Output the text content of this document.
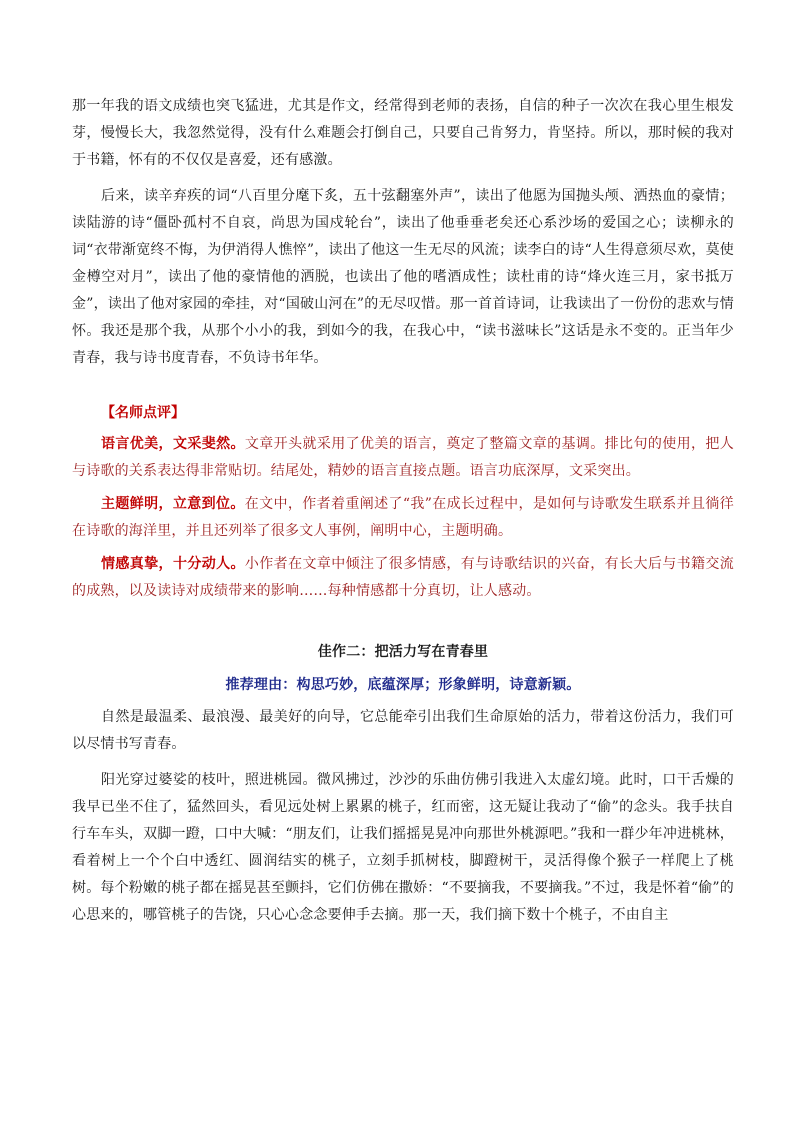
那一年我的语文成绩也突飞猛进，尤其是作文，经常得到老师的表扬，自信的种子一次次在我心里生根发芽，慢慢长大，我忽然觉得，没有什么难题会打倒自己，只要自己肯努力，肯坚持。所以，那时候的我对于书籍，怀有的不仅仅是喜爱，还有感激。

后来，读辛弃疾的词“八百里分麾下炙，五十弦翻塞外声”，读出了他愿为国抛头颅、洒热血的豪情；读陆游的诗“僵卧孤村不自哀，尚思为国戍轮台”，读出了他垂垂老矣还心系沙场的爱国之心；读柳永的词“衣带渐宽终不悔，为伊消得人憔悴”，读出了他这一生无尽的风流；读李白的诗“人生得意须尽欢，莫使金樽空对月”，读出了他的豪情他的洒脱，也读出了他的嗜酒成性；读杜甫的诗“烽火连三月，家书抵万金”，读出了他对家园的牵挂，对“国破山河在”的无尽叹惜。那一首首诗词，让我读出了一份份的悲欢与情怀。我还是那个我，从那个小小的我，到如今的我，在我心中，“读书滋味长”这话是永不变的。正当年少青春，我与诗书度青春，不负诗书年华。

【名师点评】

语言优美，文采斐然。文章开头就采用了优美的语言，奠定了整篇文章的基调。排比句的使用，把人与诗歌的关系表达得非常贴切。结尾处，精妙的语言直接点题。语言功底深厚，文采突出。

主题鲜明，立意到位。在文中，作者着重阐述了“我”在成长过程中，是如何与诗歌发生联系并且徜徉在诗歌的海洋里，并且还列举了很多文人事例，阐明中心，主题明确。

情感真挚，十分动人。小作者在文章中倾注了很多情感，有与诗歌结识的兴奋，有长大后与书籍交流的成熟，以及读诗对成绩带来的影响……每种情感都十分真切，让人感动。

佳作二：把活力写在青春里

推荐理由：构思巧妙，底蕴深厚；形象鲜明，诗意新颖。

自然是最温柔、最浪漫、最美好的向导，它总能牵引出我们生命原始的活力，带着这份活力，我们可以尽情书写青春。

阳光穿过婆娑的枝叶，照进桃园。微风拂过，沙沙的乐曲仿佛引我进入太虚幻境。此时，口干舌燥的我早已坐不住了，猛然回头，看见远处树上累累的桃子，红而密，这无疑让我动了“偷”的念头。我手扶自行车车头，双脚一蹬，口中大喊：“朋友们，让我们摇摇晃晃冲向那世外桃源吧。”我和一群少年冲进桃林，看着树上一个个白中透红、圆润结实的桃子，立刻手抓树枝，脚蹬树干，灵活得像个猴子一样爬上了桃树。每个粉嫩的桃子都在摇晃甚至颤抖，它们仿佛在撒娇：“不要摘我，不要摘我。”不过，我是怀着“偷”的心思来的，哪管桃子的告饶，只心心念念要伸手去摘。那一天，我们摘下数十个桃子，不由自主
